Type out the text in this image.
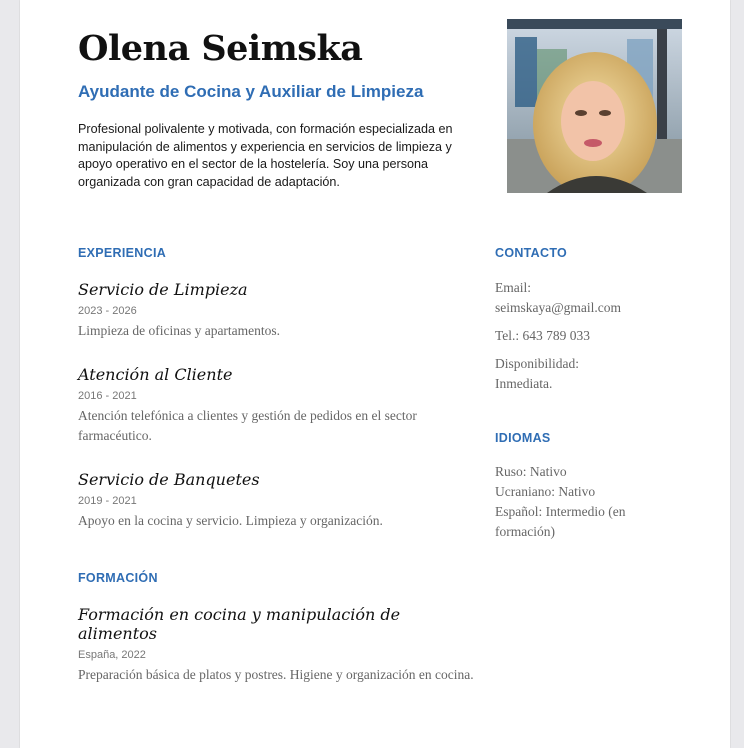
Olena Seimska
Ayudante de Cocina y Auxiliar de Limpieza

Profesional polivalente y motivada, con formación especializada en manipulación de alimentos y experiencia en servicios de limpieza y apoyo operativo en el sector de la hostelería. Soy una persona organizada con gran capacidad de adaptación.

EXPERIENCIA

Servicio de Limpieza

2023 - 2026

Limpieza de oficinas y apartamentos.

Atención al Cliente

2016 - 2021

Atención telefónica a clientes y gestión de pedidos en el sector farmacéutico.

Servicio de Banquetes

2019 - 2021

Apoyo en la cocina y servicio. Limpieza y organización.

FORMACIÓN

Formación en cocina y manipulación de alimentos

España, 2022

Preparación básica de platos y postres. Higiene y organización en cocina.

CONTACTO

Email:

seimskaya@gmail.com

Tel.: 643 789 033

Disponibilidad:

Inmediata.

IDIOMAS

Ruso: Nativo

Ucraniano: Nativo

Español: Intermedio (en formación)
